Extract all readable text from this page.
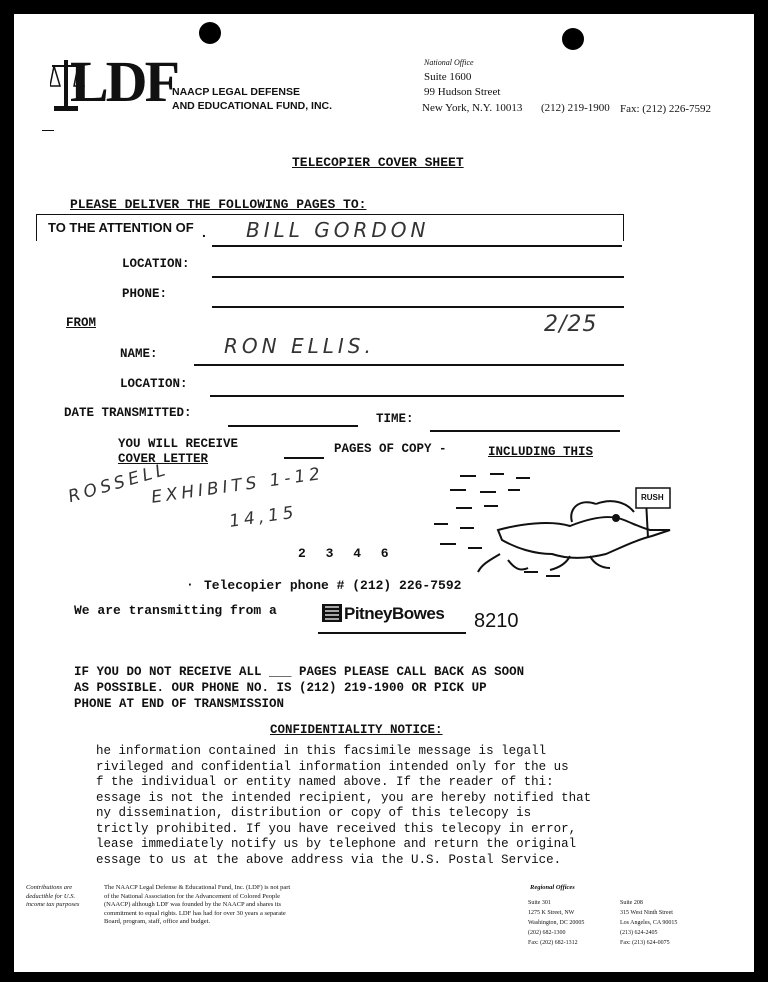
LDF
NAACP LEGAL DEFENSE
AND EDUCATIONAL FUND, INC.
National Office
Suite 1600
99 Hudson Street
New York, N.Y. 10013 (212) 219-1900 Fax: (212) 226-7592
TELECOPIER COVER SHEET
PLEASE DELIVER THE FOLLOWING PAGES TO:
TO THE ATTENTION OF . BILL GORDON
LOCATION:
PHONE:
FROM	2/25
NAME:	RON ELLIS.
LOCATION:
DATE TRANSMITTED:	TIME:
YOU WILL RECEIVE	PAGES OF COPY -	INCLUDING THIS
COVER LETTER
ROSSELL
EXHIBITS 1-12
14,15
2 3 4 6
RUSH
· Telecopier phone # (212) 226-7592
We are transmitting from a	PitneyBowes 8210
IF YOU DO NOT RECEIVE ALL ___ PAGES PLEASE CALL BACK AS SOON
AS POSSIBLE. OUR PHONE NO. IS (212) 219-1900 OR PICK UP
PHONE AT END OF TRANSMISSION
CONFIDENTIALITY NOTICE:
he information contained in this facsimile message is legall
rivileged and confidential information intended only for the us
f the individual or entity named above. If the reader of thi:
essage is not the intended recipient, you are hereby notified that
ny dissemination, distribution or copy of this telecopy is
trictly prohibited. If you have received this telecopy in error,
lease immediately notify us by telephone and return the original
essage to us at the above address via the U.S. Postal Service.
Contributions are
deductible for U.S.
income tax purposes
The NAACP Legal Defense & Educational Fund, Inc. (LDF) is not part
of the National Association for the Advancement of Colored People
(NAACP) although LDF was founded by the NAACP and shares its
commitment to equal rights. LDF has had for over 30 years a separate
Board, program, staff, office and budget.
Regional Offices
Suite 301
1275 K Street, NW
Washington, DC 20005
(202) 682-1300
Fax: (202) 682-1312
Suite 208
315 West Ninth Street
Los Angeles, CA 90015
(213) 624-2405
Fax: (213) 624-0075
